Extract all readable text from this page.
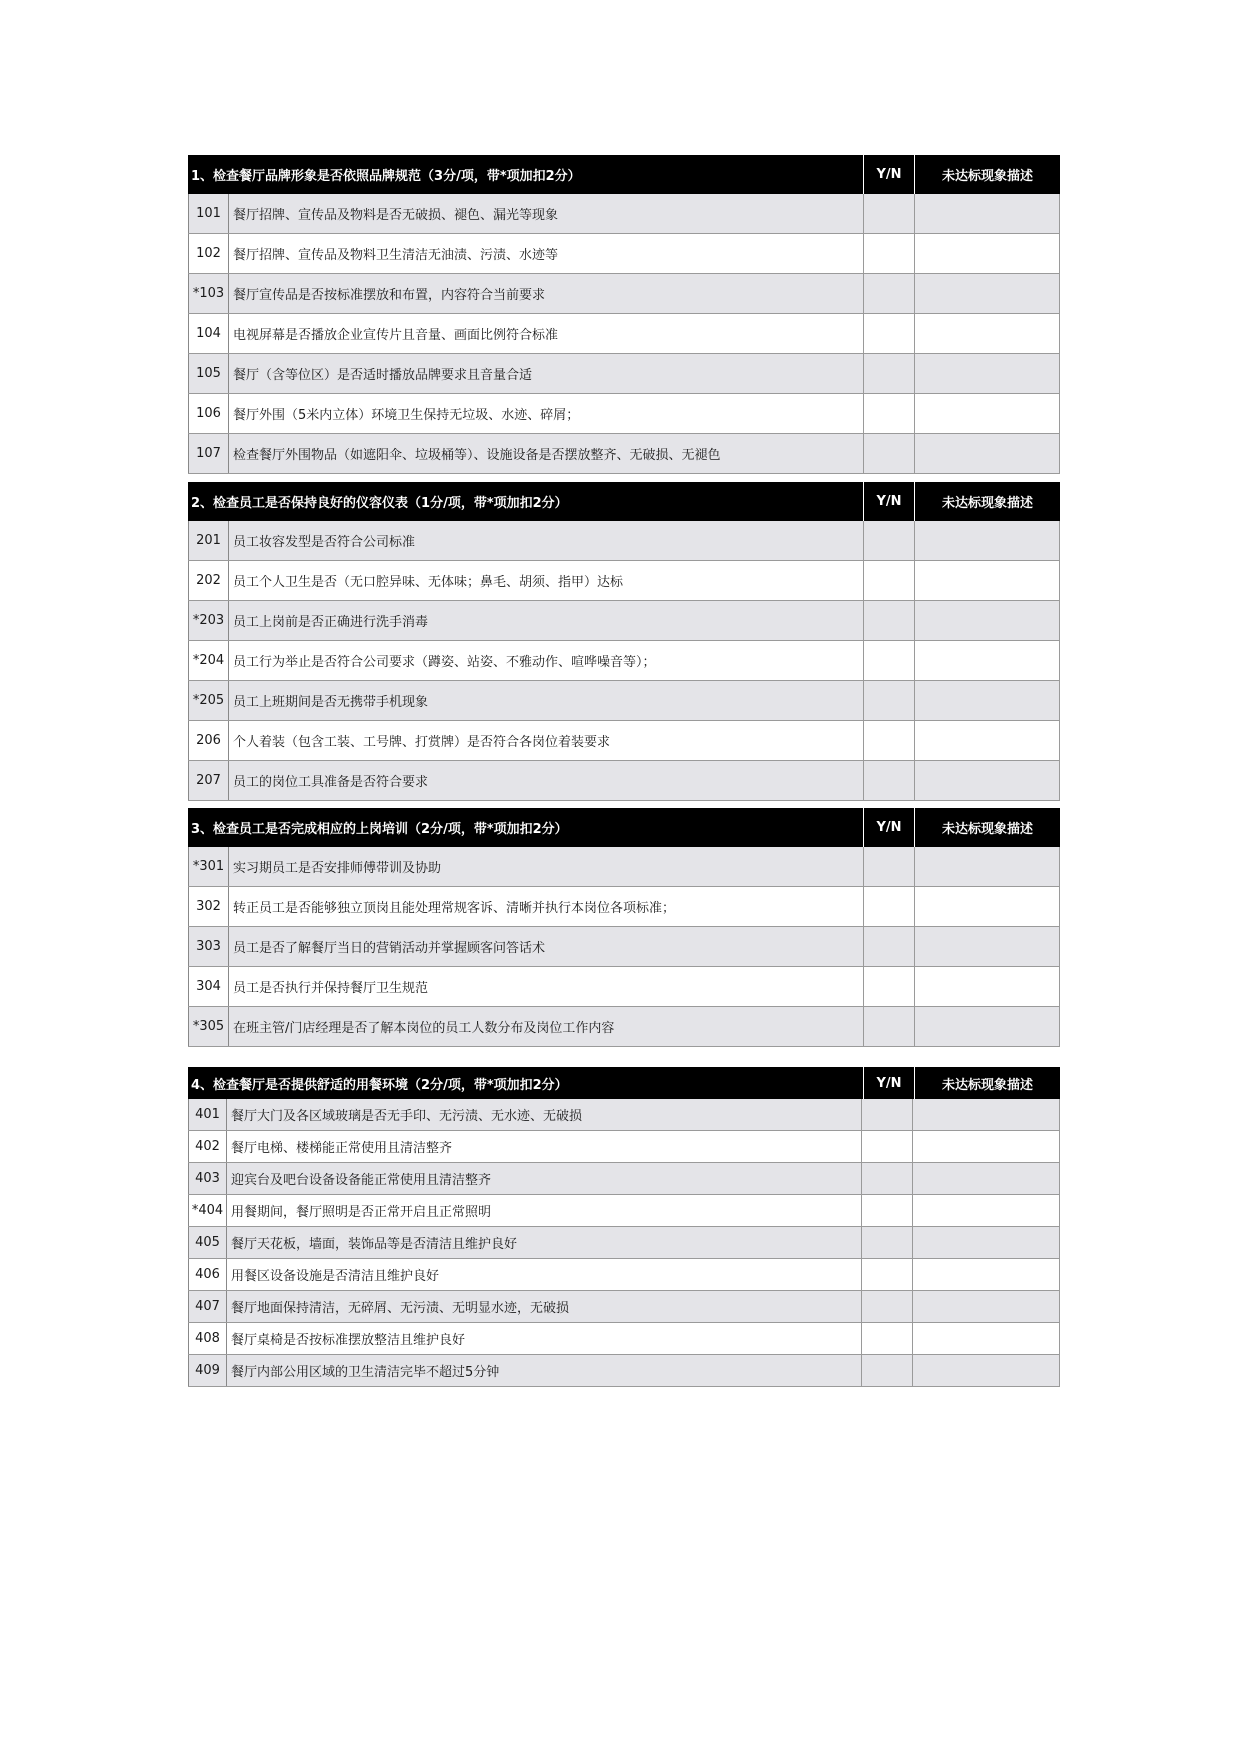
1、检查餐厅品牌形象是否依照品牌规范（3分/项，带*项加扣2分）	Y/N	未达标现象描述
101 餐厅招牌、宣传品及物料是否无破损、褪色、漏光等现象
102 餐厅招牌、宣传品及物料卫生清洁无油渍、污渍、水迹等
*103 餐厅宣传品是否按标准摆放和布置，内容符合当前要求
104 电视屏幕是否播放企业宣传片且音量、画面比例符合标准
105 餐厅（含等位区）是否适时播放品牌要求且音量合适
106 餐厅外围（5米内立体）环境卫生保持无垃圾、水迹、碎屑；
107 检查餐厅外围物品（如遮阳伞、垃圾桶等）、设施设备是否摆放整齐、无破损、无褪色
2、检查员工是否保持良好的仪容仪表（1分/项，带*项加扣2分）	Y/N	未达标现象描述
201 员工妆容发型是否符合公司标准
202 员工个人卫生是否（无口腔异味、无体味；鼻毛、胡须、指甲）达标
*203 员工上岗前是否正确进行洗手消毒
*204 员工行为举止是否符合公司要求（蹲姿、站姿、不雅动作、喧哗噪音等）；
*205 员工上班期间是否无携带手机现象
206 个人着装（包含工装、工号牌、打赏牌）是否符合各岗位着装要求
207 员工的岗位工具准备是否符合要求
3、检查员工是否完成相应的上岗培训（2分/项，带*项加扣2分）	Y/N	未达标现象描述
*301 实习期员工是否安排师傅带训及协助
302 转正员工是否能够独立顶岗且能处理常规客诉、清晰并执行本岗位各项标准；
303 员工是否了解餐厅当日的营销活动并掌握顾客问答话术
304 员工是否执行并保持餐厅卫生规范
*305 在班主管/门店经理是否了解本岗位的员工人数分布及岗位工作内容
4、检查餐厅是否提供舒适的用餐环境（2分/项，带*项加扣2分）	Y/N	未达标现象描述
401 餐厅大门及各区域玻璃是否无手印、无污渍、无水迹、无破损
402 餐厅电梯、楼梯能正常使用且清洁整齐
403 迎宾台及吧台设备设备能正常使用且清洁整齐
*404 用餐期间，餐厅照明是否正常开启且正常照明
405 餐厅天花板，墙面，装饰品等是否清洁且维护良好
406 用餐区设备设施是否清洁且维护良好
407 餐厅地面保持清洁，无碎屑、无污渍、无明显水迹，无破损
408 餐厅桌椅是否按标准摆放整洁且维护良好
409 餐厅内部公用区域的卫生清洁完毕不超过5分钟
